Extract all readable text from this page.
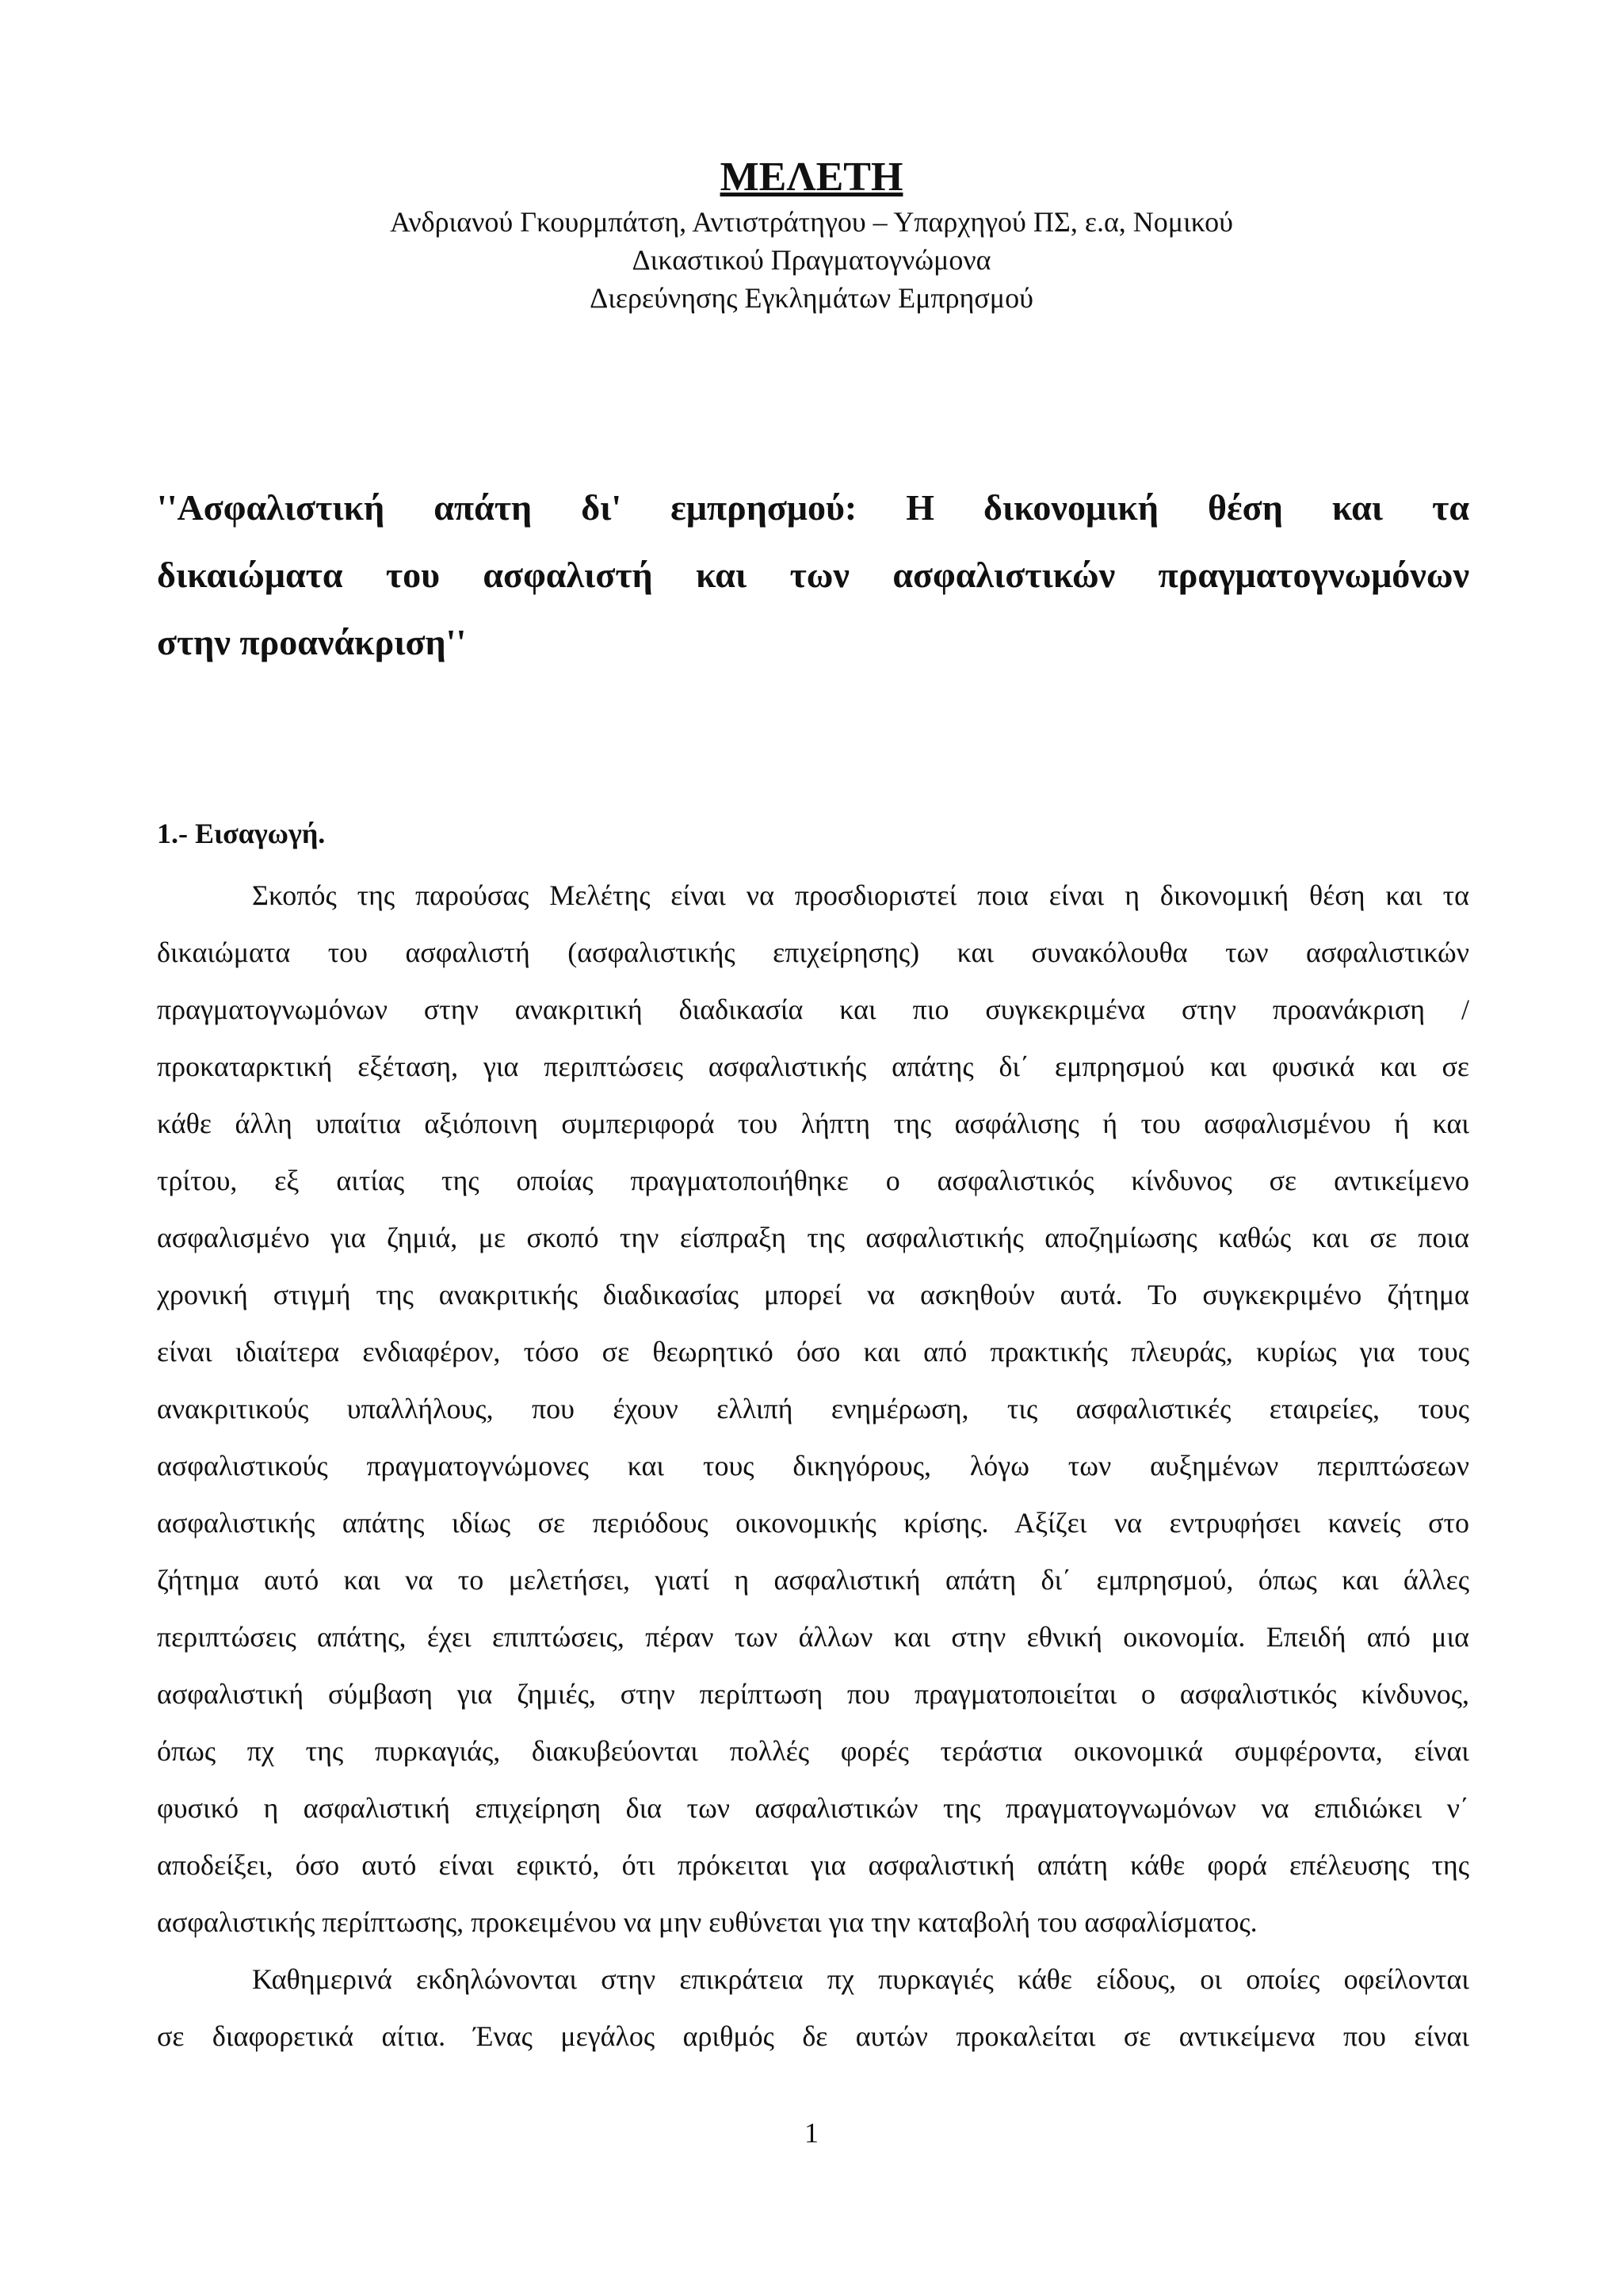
ΜΕΛΕΤΗ
Ανδριανού Γκουρμπάτση, Αντιστράτηγου – Υπαρχηγού ΠΣ, ε.α, Νομικού
Δικαστικού Πραγματογνώμονα
Διερεύνησης Εγκλημάτων Εμπρησμού
''Ασφαλιστική απάτη δι' εμπρησμού: Η δικονομική θέση και τα
δικαιώματα του ασφαλιστή και των ασφαλιστικών πραγματογνωμόνων
στην προανάκριση''
1.- Εισαγωγή.
Σκοπός της παρούσας Μελέτης είναι να προσδιοριστεί ποια είναι η δικονομική θέση και τα
δικαιώματα του ασφαλιστή (ασφαλιστικής επιχείρησης) και συνακόλουθα των ασφαλιστικών
πραγματογνωμόνων στην ανακριτική διαδικασία και πιο συγκεκριμένα στην προανάκριση /
προκαταρκτική εξέταση, για περιπτώσεις ασφαλιστικής απάτης δι΄ εμπρησμού και φυσικά και σε
κάθε άλλη υπαίτια αξιόποινη συμπεριφορά του λήπτη της ασφάλισης ή του ασφαλισμένου ή και
τρίτου, εξ αιτίας της οποίας πραγματοποιήθηκε ο ασφαλιστικός κίνδυνος σε αντικείμενο
ασφαλισμένο για ζημιά, με σκοπό την είσπραξη της ασφαλιστικής αποζημίωσης καθώς και σε ποια
χρονική στιγμή της ανακριτικής διαδικασίας μπορεί να ασκηθούν αυτά. Το συγκεκριμένο ζήτημα
είναι ιδιαίτερα ενδιαφέρον, τόσο σε θεωρητικό όσο και από πρακτικής πλευράς, κυρίως για τους
ανακριτικούς υπαλλήλους, που έχουν ελλιπή ενημέρωση, τις ασφαλιστικές εταιρείες, τους
ασφαλιστικούς πραγματογνώμονες και τους δικηγόρους, λόγω των αυξημένων περιπτώσεων
ασφαλιστικής απάτης ιδίως σε περιόδους οικονομικής κρίσης. Αξίζει να εντρυφήσει κανείς στο
ζήτημα αυτό και να το μελετήσει, γιατί η ασφαλιστική απάτη δι΄ εμπρησμού, όπως και άλλες
περιπτώσεις απάτης, έχει επιπτώσεις, πέραν των άλλων και στην εθνική οικονομία. Επειδή από μια
ασφαλιστική σύμβαση για ζημιές, στην περίπτωση που πραγματοποιείται ο ασφαλιστικός κίνδυνος,
όπως πχ της πυρκαγιάς, διακυβεύονται πολλές φορές τεράστια οικονομικά συμφέροντα, είναι
φυσικό η ασφαλιστική επιχείρηση δια των ασφαλιστικών της πραγματογνωμόνων να επιδιώκει ν΄
αποδείξει, όσο αυτό είναι εφικτό, ότι πρόκειται για ασφαλιστική απάτη κάθε φορά επέλευσης της
ασφαλιστικής περίπτωσης, προκειμένου να μην ευθύνεται για την καταβολή του ασφαλίσματος.
Καθημερινά εκδηλώνονται στην επικράτεια πχ πυρκαγιές κάθε είδους, οι οποίες οφείλονται
σε διαφορετικά αίτια. Ένας μεγάλος αριθμός δε αυτών προκαλείται σε αντικείμενα που είναι
1
